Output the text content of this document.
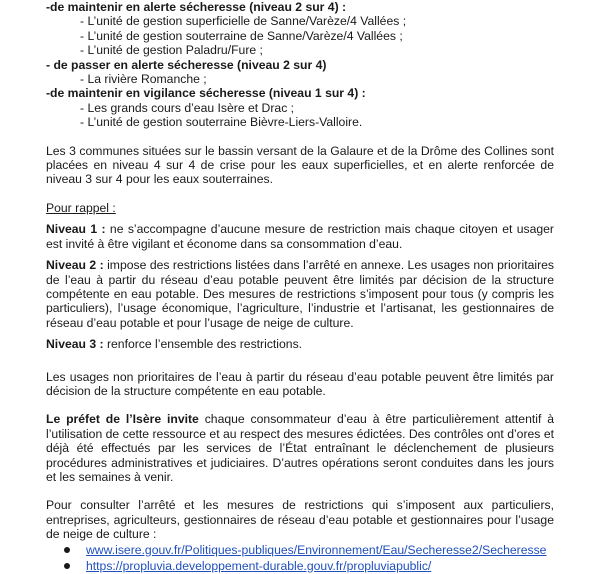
-de maintenir en alerte sécheresse (niveau 2 sur 4) :
- L’unité de gestion superficielle de Sanne/Varèze/4 Vallées ;
- L’unité de gestion souterraine de Sanne/Varèze/4 Vallées ;
- L’unité de gestion Paladru/Fure ;
- de passer en alerte sécheresse (niveau 2 sur 4)
- La rivière Romanche ;
-de maintenir en vigilance sécheresse (niveau 1 sur 4) :
- Les grands cours d’eau Isère et Drac ;
- L’unité de gestion souterraine Bièvre-Liers-Valloire.

Les 3 communes situées sur le bassin versant de la Galaure et de la Drôme des Collines sont placées en niveau 4 sur 4 de crise pour les eaux superficielles, et en alerte renforcée de niveau 3 sur 4 pour les eaux souterraines.

Pour rappel :

Niveau 1 : ne s’accompagne d’aucune mesure de restriction mais chaque citoyen et usager est invité à être vigilant et économe dans sa consommation d’eau.

Niveau 2 : impose des restrictions listées dans l’arrêté en annexe. Les usages non prioritaires de l’eau à partir du réseau d’eau potable peuvent être limités par décision de la structure compétente en eau potable. Des mesures de restrictions s’imposent pour tous (y compris les particuliers), l’usage économique, l’agriculture, l’industrie et l’artisanat, les gestionnaires de réseau d’eau potable et pour l’usage de neige de culture.

Niveau 3 : renforce l’ensemble des restrictions.

Les usages non prioritaires de l’eau à partir du réseau d’eau potable peuvent être limités par décision de la structure compétente en eau potable.

Le préfet de l’Isère invite chaque consommateur d’eau à être particulièrement attentif à l’utilisation de cette ressource et au respect des mesures édictées. Des contrôles ont d’ores et déjà été effectués par les services de l’État entraînant le déclenchement de plusieurs procédures administratives et judiciaires. D’autres opérations seront conduites dans les jours et les semaines à venir.

Pour consulter l’arrêté et les mesures de restrictions qui s’imposent aux particuliers, entreprises, agriculteurs, gestionnaires de réseau d’eau potable et gestionnaires pour l’usage de neige de culture :

www.isere.gouv.fr/Politiques-publiques/Environnement/Eau/Secheresse2/Secheresse
https://propluvia.developpement-durable.gouv.fr/propluviapublic/
